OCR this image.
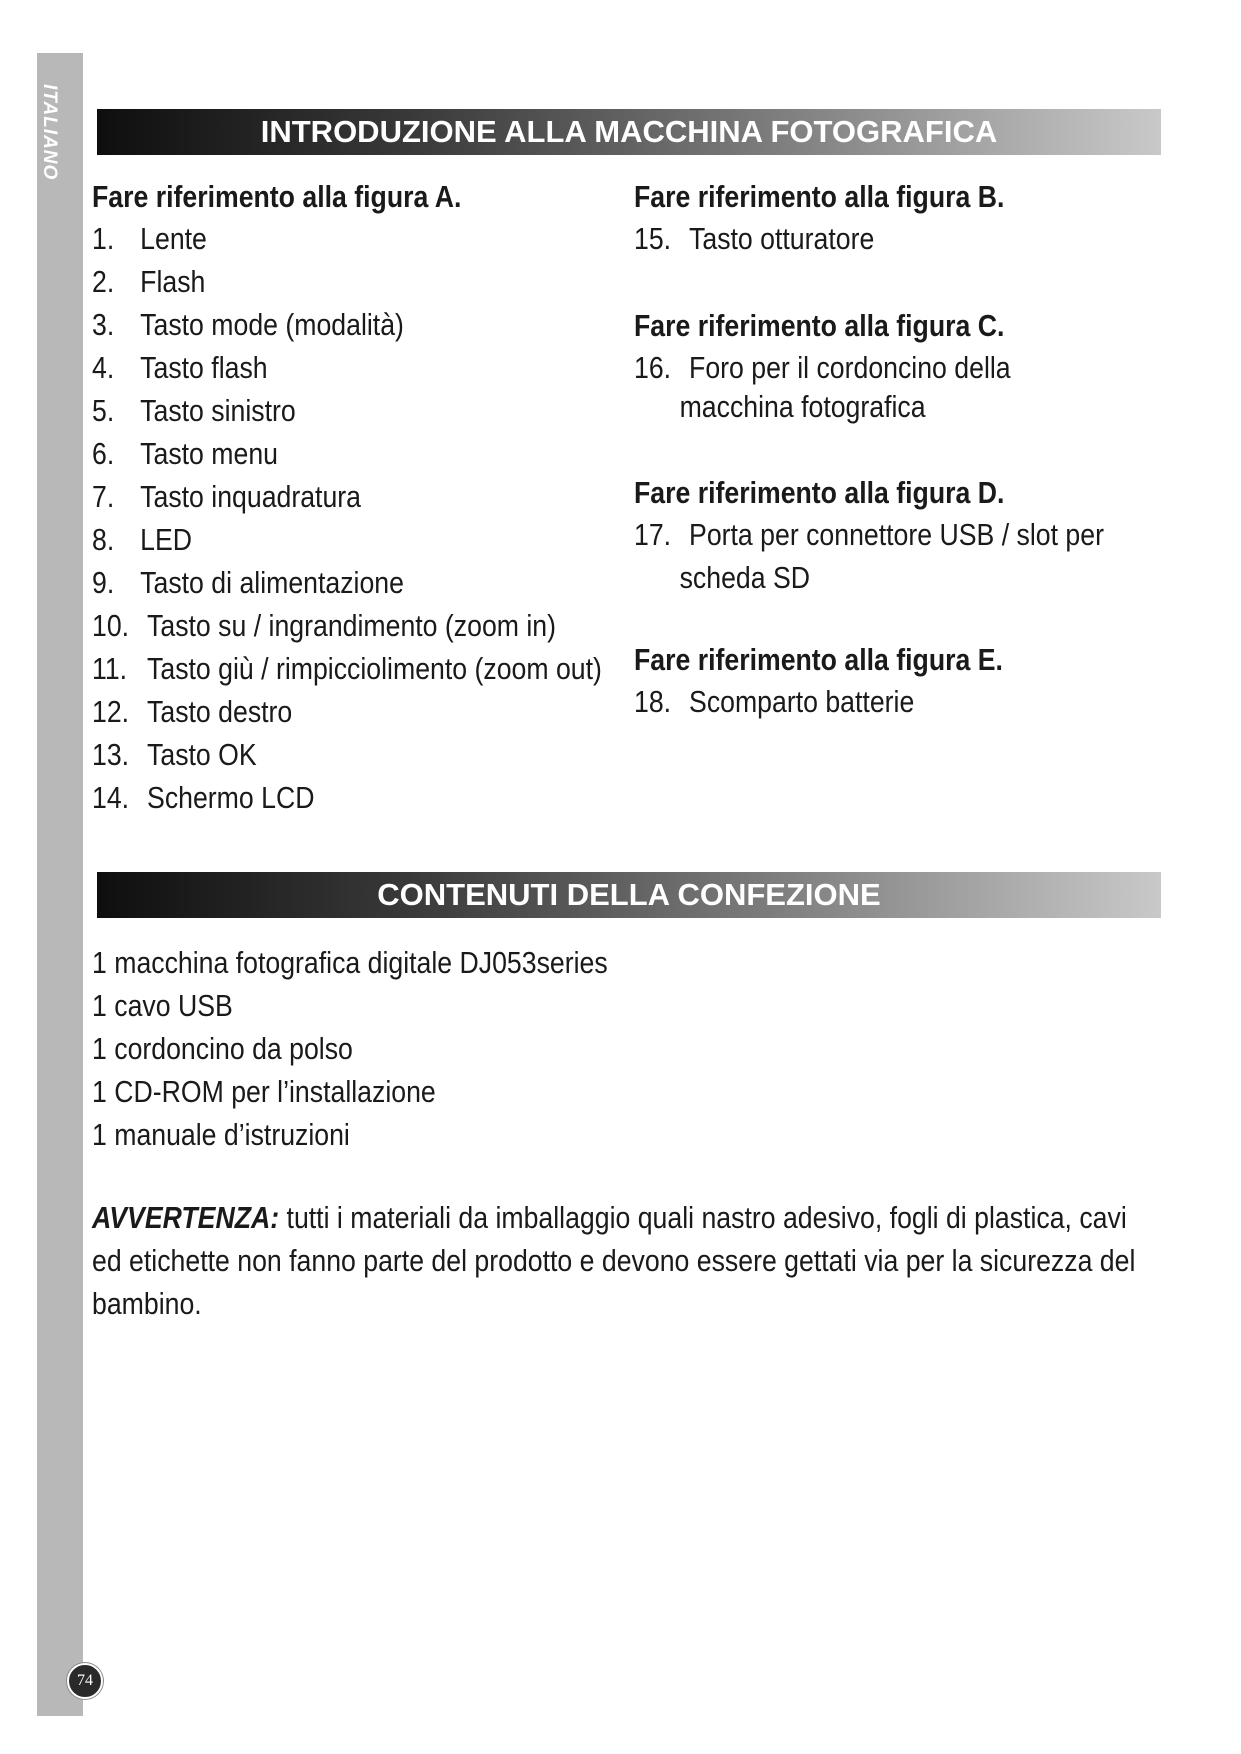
ITALIANO
74
INTRODUZIONE ALLA MACCHINA FOTOGRAFICA
Fare riferimento alla figura A.
1. Lente
2. Flash
3. Tasto mode (modalità)
4. Tasto flash
5. Tasto sinistro
6. Tasto menu
7. Tasto inquadratura
8. LED
9. Tasto di alimentazione
10. Tasto su / ingrandimento (zoom in)
11. Tasto giù / rimpicciolimento (zoom out)
12. Tasto destro
13. Tasto OK
14. Schermo LCD
Fare riferimento alla figura B.
15. Tasto otturatore
Fare riferimento alla figura C.
16. Foro per il cordoncino della
macchina fotografica
Fare riferimento alla figura D.
17. Porta per connettore USB / slot per
scheda SD
Fare riferimento alla figura E.
18. Scomparto batterie
CONTENUTI DELLA CONFEZIONE
1 macchina fotografica digitale DJ053series
1 cavo USB
1 cordoncino da polso
1 CD-ROM per l’installazione
1 manuale d’istruzioni
AVVERTENZA: tutti i materiali da imballaggio quali nastro adesivo, fogli di plastica, cavi ed etichette non fanno parte del prodotto e devono essere gettati via per la sicurezza del bambino.
